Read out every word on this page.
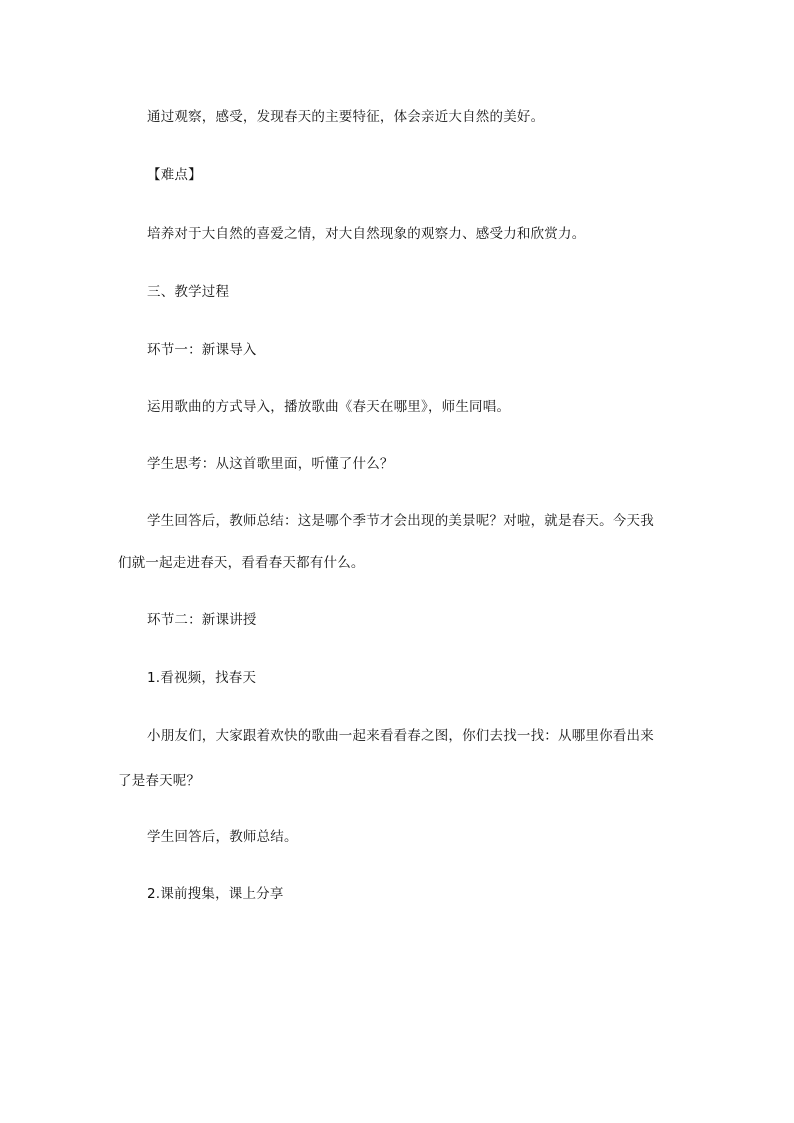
通过观察，感受，发现春天的主要特征，体会亲近大自然的美好。

【难点】

培养对于大自然的喜爱之情，对大自然现象的观察力、感受力和欣赏力。

三、教学过程

环节一：新课导入

运用歌曲的方式导入，播放歌曲《春天在哪里》，师生同唱。

学生思考：从这首歌里面，听懂了什么？

学生回答后，教师总结：这是哪个季节才会出现的美景呢？对啦，就是春天。今天我

们就一起走进春天，看看春天都有什么。

环节二：新课讲授

1.看视频，找春天

小朋友们，大家跟着欢快的歌曲一起来看看春之图，你们去找一找：从哪里你看出来

了是春天呢？

学生回答后，教师总结。

2.课前搜集，课上分享
